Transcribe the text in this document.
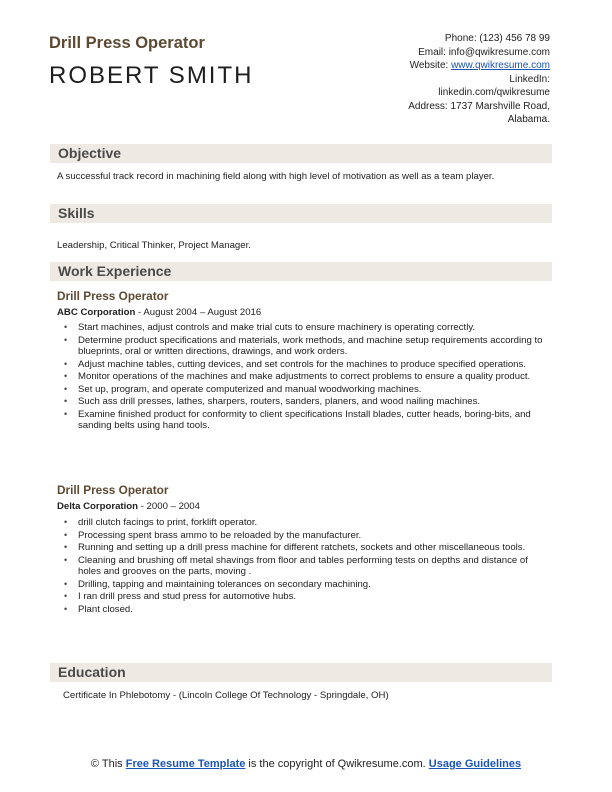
Drill Press Operator
ROBERT SMITH
Phone: (123) 456 78 99
Email: info@qwikresume.com
Website: www.qwikresume.com
LinkedIn:
linkedin.com/qwikresume
Address: 1737 Marshville Road,
Alabama.
Objective
A successful track record in machining field along with high level of motivation as well as a team player.
Skills
Leadership, Critical Thinker, Project Manager.
Work Experience
Drill Press Operator
ABC Corporation - August 2004 – August 2016
• Start machines, adjust controls and make trial cuts to ensure machinery is operating correctly.
• Determine product specifications and materials, work methods, and machine setup requirements according to blueprints, oral or written directions, drawings, and work orders.
• Adjust machine tables, cutting devices, and set controls for the machines to produce specified operations.
• Monitor operations of the machines and make adjustments to correct problems to ensure a quality product.
• Set up, program, and operate computerized and manual woodworking machines.
• Such ass drill presses, lathes, sharpers, routers, sanders, planers, and wood nailing machines.
• Examine finished product for conformity to client specifications Install blades, cutter heads, boring-bits, and sanding belts using hand tools.
Drill Press Operator
Delta Corporation - 2000 – 2004
• drill clutch facings to print, forklift operator.
• Processing spent brass ammo to be reloaded by the manufacturer.
• Running and setting up a drill press machine for different ratchets, sockets and other miscellaneous tools.
• Cleaning and brushing off metal shavings from floor and tables performing tests on depths and distance of holes and grooves on the parts, moving .
• Drilling, tapping and maintaining tolerances on secondary machining.
• I ran drill press and stud press for automotive hubs.
• Plant closed.
Education
Certificate In Phlebotomy - (Lincoln College Of Technology - Springdale, OH)
© This Free Resume Template is the copyright of Qwikresume.com. Usage Guidelines
